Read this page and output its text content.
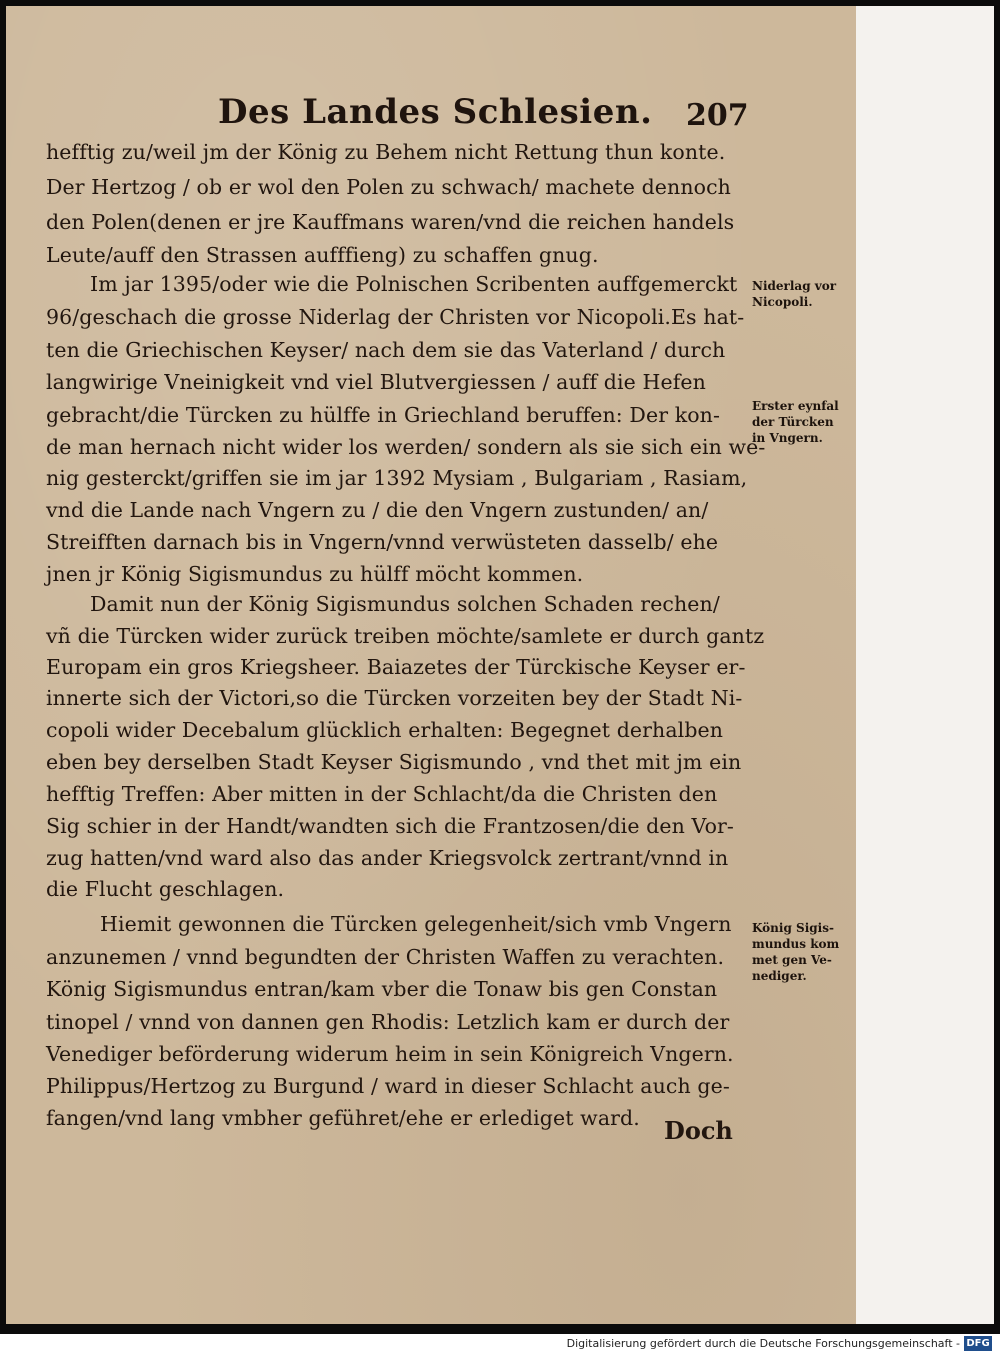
Des Landes Schlesien. 207
hefftig zu/weil jm der König zu Behem nicht Rettung thun konte.
Der Hertzog / ob er wol den Polen zu schwach/ machete dennoch
den Polen(denen er jre Kauffmans waren/vnd die reichen handels
Leute/auff den Strassen aufffieng) zu schaffen gnug.
Im jar 1395/oder wie die Polnischen Scribenten auffgemerckt
96/geschach die grosse Niderlag der Christen vor Nicopoli.Es hat-
ten die Griechischen Keyser/ nach dem sie das Vaterland / durch
langwirige Vneinigkeit vnd viel Blutvergiessen / auff die Hefen
gebracht/die Türcken zu hülffe in Griechland beruffen: Der kon-
de man hernach nicht wider los werden/ sondern als sie sich ein we-
nig gesterckt/griffen sie im jar 1392 Mysiam , Bulgariam , Rasiam,
vnd die Lande nach Vngern zu / die den Vngern zustunden/ an/
Streifften darnach bis in Vngern/vnnd verwüsteten dasselb/ ehe
jnen jr König Sigismundus zu hülff möcht kommen.
Damit nun der König Sigismundus solchen Schaden rechen/
vñ die Türcken wider zurück treiben möchte/samlete er durch gantz
Europam ein gros Kriegsheer. Baiazetes der Türckische Keyser er-
innerte sich der Victori,so die Türcken vorzeiten bey der Stadt Ni-
copoli wider Decebalum glücklich erhalten: Begegnet derhalben
eben bey derselben Stadt Keyser Sigismundo , vnd thet mit jm ein
hefftig Treffen: Aber mitten in der Schlacht/da die Christen den
Sig schier in der Handt/wandten sich die Frantzosen/die den Vor-
zug hatten/vnd ward also das ander Kriegsvolck zertrant/vnnd in
die Flucht geschlagen.
Hiemit gewonnen die Türcken gelegenheit/sich vmb Vngern
anzunemen / vnnd begundten der Christen Waffen zu verachten.
König Sigismundus entran/kam vber die Tonaw bis gen Constan
tinopel / vnnd von dannen gen Rhodis: Letzlich kam er durch der
Venediger beförderung widerum heim in sein Königreich Vngern.
Philippus/Hertzog zu Burgund / ward in dieser Schlacht auch ge-
fangen/vnd lang vmbher geführet/ehe er erlediget ward. Doch
Niderlag vor
Nicopoli.
Erster eynfal
der Türcken
in Vngern.
König Sigis-
mundus kom
met gen Ve-
nediger.
Digitalisierung gefördert durch die Deutsche Forschungsgemeinschaft - DFG
